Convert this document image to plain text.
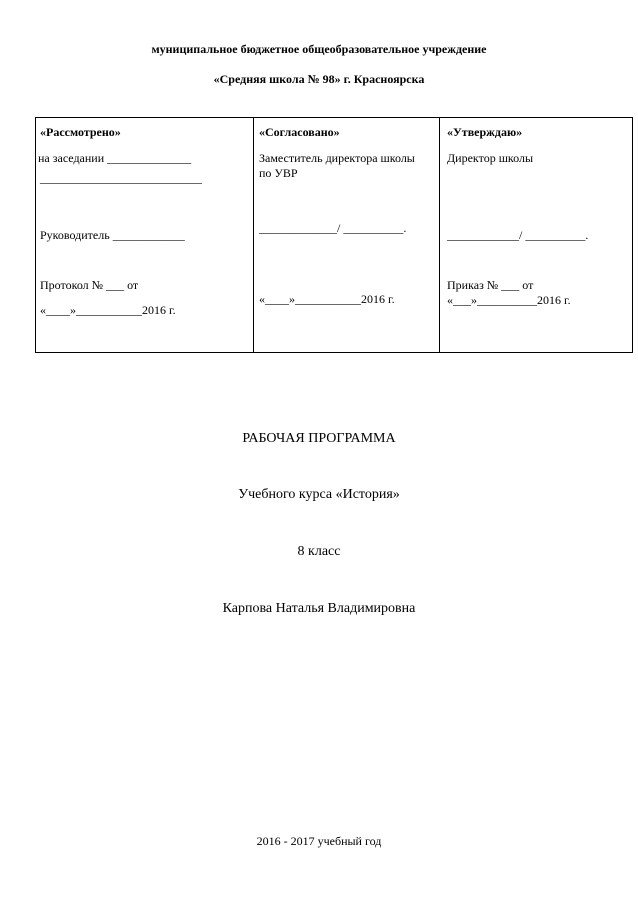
муниципальное бюджетное общеобразовательное учреждение
«Средняя школа № 98» г. Красноярска
«Рассмотрено»
на заседании ______________
___________________________
Руководитель ____________
Протокол № ___ от
«____»___________2016 г.
«Согласовано»
Заместитель директора школы
по УВР
_____________/ __________.
«____»___________2016 г.
«Утверждаю»
Директор школы
____________/ __________.
Приказ № ___ от
«___»__________2016 г.
РАБОЧАЯ ПРОГРАММА
Учебного курса «История»
8 класс
Карпова Наталья Владимировна
2016 - 2017 учебный год
